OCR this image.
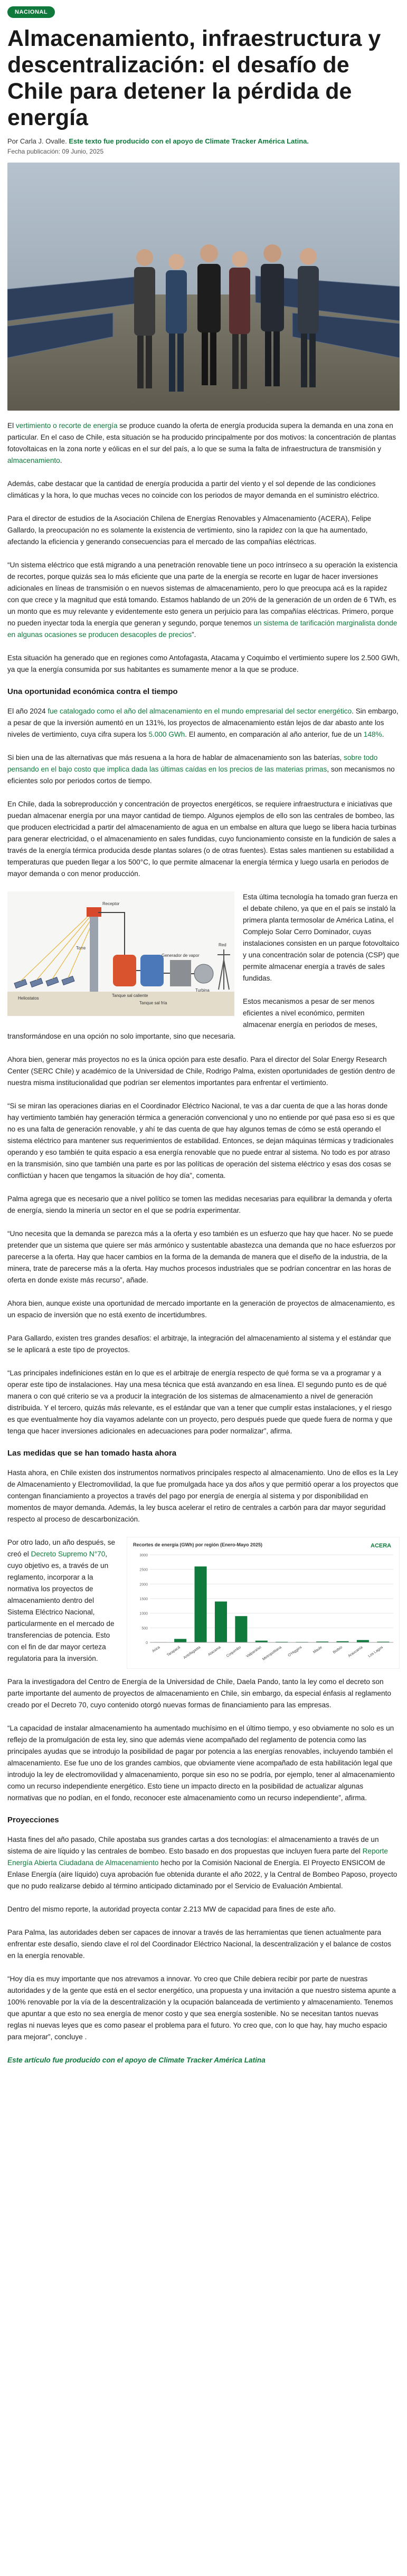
NACIONAL
Almacenamiento, infraestructura y descentralización: el desafío de Chile para detener la pérdida de energía

Por Carla J. Ovalle. Este texto fue producido con el apoyo de Climate Tracker América Latina.

Fecha publicación: 09 Junio, 2025

El vertimiento o recorte de energía se produce cuando la oferta de energía producida supera la demanda en una zona en particular. En el caso de Chile, esta situación se ha producido principalmente por dos motivos: la concentración de plantas fotovoltaicas en la zona norte y eólicas en el sur del país, a lo que se suma la falta de infraestructura de transmisión y almacenamiento.

Además, cabe destacar que la cantidad de energía producida a partir del viento y el sol depende de las condiciones climáticas y la hora, lo que muchas veces no coincide con los periodos de mayor demanda en el suministro eléctrico.

Para el director de estudios de la Asociación Chilena de Energías Renovables y Almacenamiento (ACERA), Felipe Gallardo, la preocupación no es solamente la existencia de vertimiento, sino la rapidez con la que ha aumentado, afectando la eficiencia y generando consecuencias para el mercado de las compañías eléctricas.

“Un sistema eléctrico que está migrando a una penetración renovable tiene un poco intrínseco a su operación la existencia de recortes, porque quizás sea lo más eficiente que una parte de la energía se recorte en lugar de hacer inversiones adicionales en líneas de transmisión o en nuevos sistemas de almacenamiento, pero lo que preocupa acá es la rapidez con que crece y la magnitud que está tomando. Estamos hablando de un 20% de la generación de un orden de 6 TWh, es un monto que es muy relevante y evidentemente esto genera un perjuicio para las compañías eléctricas. Primero, porque no pueden inyectar toda la energía que generan y segundo, porque tenemos un sistema de tarificación marginalista donde en algunas ocasiones se producen desacoples de precios”.

Esta situación ha generado que en regiones como Antofagasta, Atacama y Coquimbo el vertimiento supere los 2.500 GWh, ya que la energía consumida por sus habitantes es sumamente menor a la que se produce.

Una oportunidad económica contra el tiempo

El año 2024 fue catalogado como el año del almacenamiento en el mundo empresarial del sector energético. Sin embargo, a pesar de que la inversión aumentó en un 131%, los proyectos de almacenamiento están lejos de dar abasto ante los niveles de vertimiento, cuya cifra supera los 5.000 GWh. El aumento, en comparación al año anterior, fue de un 148%.

Si bien una de las alternativas que más resuena a la hora de hablar de almacenamiento son las baterías, sobre todo pensando en el bajo costo que implica dada las últimas caídas en los precios de las materias primas, son mecanismos no eficientes solo por periodos cortos de tiempo.

En Chile, dada la sobreproducción y concentración de proyectos energéticos, se requiere infraestructura e iniciativas que puedan almacenar energía por una mayor cantidad de tiempo. Algunos ejemplos de ello son las centrales de bombeo, las que producen electricidad a partir del almacenamiento de agua en un embalse en altura que luego se libera hacia turbinas para generar electricidad, o el almacenamiento en sales fundidas, cuyo funcionamiento consiste en la fundición de sales a través de la energía térmica producida desde plantas solares (o de otras fuentes). Estas sales mantienen su estabilidad a temperaturas que pueden llegar a los 500°C, lo que permite almacenar la energía térmica y luego usarla en periodos de mayor demanda o con menor producción.

Receptor
Torre
Heliostatos
Tanque sal caliente
Tanque sal fría
Generador de vapor
Turbina
Red

Esta última tecnología ha tomado gran fuerza en el debate chileno, ya que en el país se instaló la primera planta termosolar de América Latina, el Complejo Solar Cerro Dominador, cuyas instalaciones consisten en un parque fotovoltaico y una concentración solar de potencia (CSP) que permite almacenar energía a través de sales fundidas.

Estos mecanismos a pesar de ser menos eficientes a nivel económico, permiten almacenar energía en periodos de meses,

transformándose en una opción no solo importante, sino que necesaria.

Ahora bien, generar más proyectos no es la única opción para este desafío. Para el director del Solar Energy Research Center (SERC Chile) y académico de la Universidad de Chile, Rodrigo Palma, existen oportunidades de gestión dentro de nuestra misma institucionalidad que podrían ser elementos importantes para enfrentar el vertimiento.

“Si se miran las operaciones diarias en el Coordinador Eléctrico Nacional, te vas a dar cuenta de que a las horas donde hay vertimiento también hay generación térmica a generación convencional y uno no entiende por qué pasa eso si es que no es una falta de generación renovable, y ahí te das cuenta de que hay algunos temas de cómo se está operando el sistema eléctrico para mantener sus requerimientos de estabilidad. Entonces, se dejan máquinas térmicas y tradicionales operando y eso también te quita espacio a esa energía renovable que no puede entrar al sistema. No todo es por atraso en la transmisión, sino que también una parte es por las políticas de operación del sistema eléctrico y esas dos cosas se conflictúan y hacen que tengamos la situación de hoy día”, comenta.

Palma agrega que es necesario que a nivel político se tomen las medidas necesarias para equilibrar la demanda y oferta de energía, siendo la minería un sector en el que se podría experimentar.

“Uno necesita que la demanda se parezca más a la oferta y eso también es un esfuerzo que hay que hacer. No se puede pretender que un sistema que quiere ser más armónico y sustentable abastezca una demanda que no hace esfuerzos por parecerse a la oferta. Hay que hacer cambios en la forma de la demanda de manera que el diseño de la industria, de la minera, trate de parecerse más a la oferta. Hay muchos procesos industriales que se podrían concentrar en las horas de oferta en donde existe más recurso”, añade.

Ahora bien, aunque existe una oportunidad de mercado importante en la generación de proyectos de almacenamiento, es un espacio de inversión que no está exento de incertidumbres.

Para Gallardo, existen tres grandes desafíos: el arbitraje, la integración del almacenamiento al sistema y el estándar que se le aplicará a este tipo de proyectos.

“Las principales indefiniciones están en lo que es el arbitraje de energía respecto de qué forma se va a programar y a operar este tipo de instalaciones. Hay una mesa técnica que está avanzando en esa línea. El segundo punto es de qué manera o con qué criterio se va a producir la integración de los sistemas de almacenamiento a nivel de generación distribuida. Y el tercero, quizás más relevante, es el estándar que van a tener que cumplir estas instalaciones, y el riesgo es que eventualmente hoy día vayamos adelante con un proyecto, pero después puede que quede fuera de norma y que tenga que hacer inversiones adicionales en adecuaciones para poder normalizar”, afirma.

Las medidas que se han tomado hasta ahora

Hasta ahora, en Chile existen dos instrumentos normativos principales respecto al almacenamiento. Uno de ellos es la Ley de Almacenamiento y Electromovilidad, la que fue promulgada hace ya dos años y que permitió operar a los proyectos que contengan financiamiento a proyectos a través del pago por energía de energía al sistema y por disponibilidad en momentos de mayor demanda. Además, la ley busca acelerar el retiro de centrales a carbón para dar mayor seguridad respecto al proceso de descarbonización.

Por otro lado, un año después, se creó el Decreto Supremo N°70, cuyo objetivo es, a través de un reglamento, incorporar a la normativa los proyectos de almacenamiento dentro del Sistema Eléctrico Nacional, particularmente en el mercado de transferencias de potencia. Esto con el fin de dar mayor certeza regulatoria para la inversión.

Recortes de energía (GWh) por región (Enero-Mayo 2025)	ACERA
0
500
1000
1500
2000
2500
3000
Arica Tarapacá Antofagasta Atacama Coquimbo Valparaíso Metropolitana O'Higgins	Maule	Biobío Araucanía Los Lagos

Para la investigadora del Centro de Energía de la Universidad de Chile, Daela Pando, tanto la ley como el decreto son parte importante del aumento de proyectos de almacenamiento en Chile, sin embargo, da especial énfasis al reglamento creado por el Decreto 70, cuyo contenido otorgó nuevas formas de financiamiento para las empresas.

“La capacidad de instalar almacenamiento ha aumentado muchísimo en el último tiempo, y eso obviamente no solo es un reflejo de la promulgación de esta ley, sino que además viene acompañado del reglamento de potencia como las principales ayudas que se introdujo la posibilidad de pagar por potencia a las energías renovables, incluyendo también el almacenamiento. Ese fue uno de los grandes cambios, que obviamente viene acompañado de esta habilitación legal que introdujo la ley de electromovilidad y almacenamiento, porque sin eso no se podría, por ejemplo, tener al almacenamiento como un recurso independiente energético. Esto tiene un impacto directo en la posibilidad de actualizar algunas normativas que no podían, en el fondo, reconocer este almacenamiento como un recurso independiente”, afirma.

Proyecciones

Hasta fines del año pasado, Chile apostaba sus grandes cartas a dos tecnologías: el almacenamiento a través de un sistema de aire líquido y las centrales de bombeo. Esto basado en dos propuestas que incluyen fuera parte del Reporte Energía Abierta Ciudadana de Almacenamiento hecho por la Comisión Nacional de Energía. El Proyecto ENSICOM de Enlase Energía (aire líquido) cuya aprobación fue obtenida durante el año 2022, y la Central de Bombeo Paposo, proyecto que no pudo realizarse debido al término anticipado dictaminado por el Servicio de Evaluación Ambiental.

Dentro del mismo reporte, la autoridad proyecta contar 2.213 MW de capacidad para fines de este año.

Para Palma, las autoridades deben ser capaces de innovar a través de las herramientas que tienen actualmente para enfrentar este desafío, siendo clave el rol del Coordinador Eléctrico Nacional, la descentralización y el balance de costos en la energía renovable.

“Hoy día es muy importante que nos atrevamos a innovar. Yo creo que Chile debiera recibir por parte de nuestras autoridades y de la gente que está en el sector energético, una propuesta y una invitación a que nuestro sistema apunte a 100% renovable por la vía de la descentralización y la ocupación balanceada de vertimiento y almacenamiento. Tenemos que apuntar a que esto no sea energía de menor costo y que sea energía sostenible. No se necesitan tantos nuevas reglas ni nuevas leyes que es como pasear el problema para el futuro. Yo creo que, con lo que hay, hay mucho espacio para mejorar”, concluye .

Este artículo fue producido con el apoyo de Climate Tracker América Latina
